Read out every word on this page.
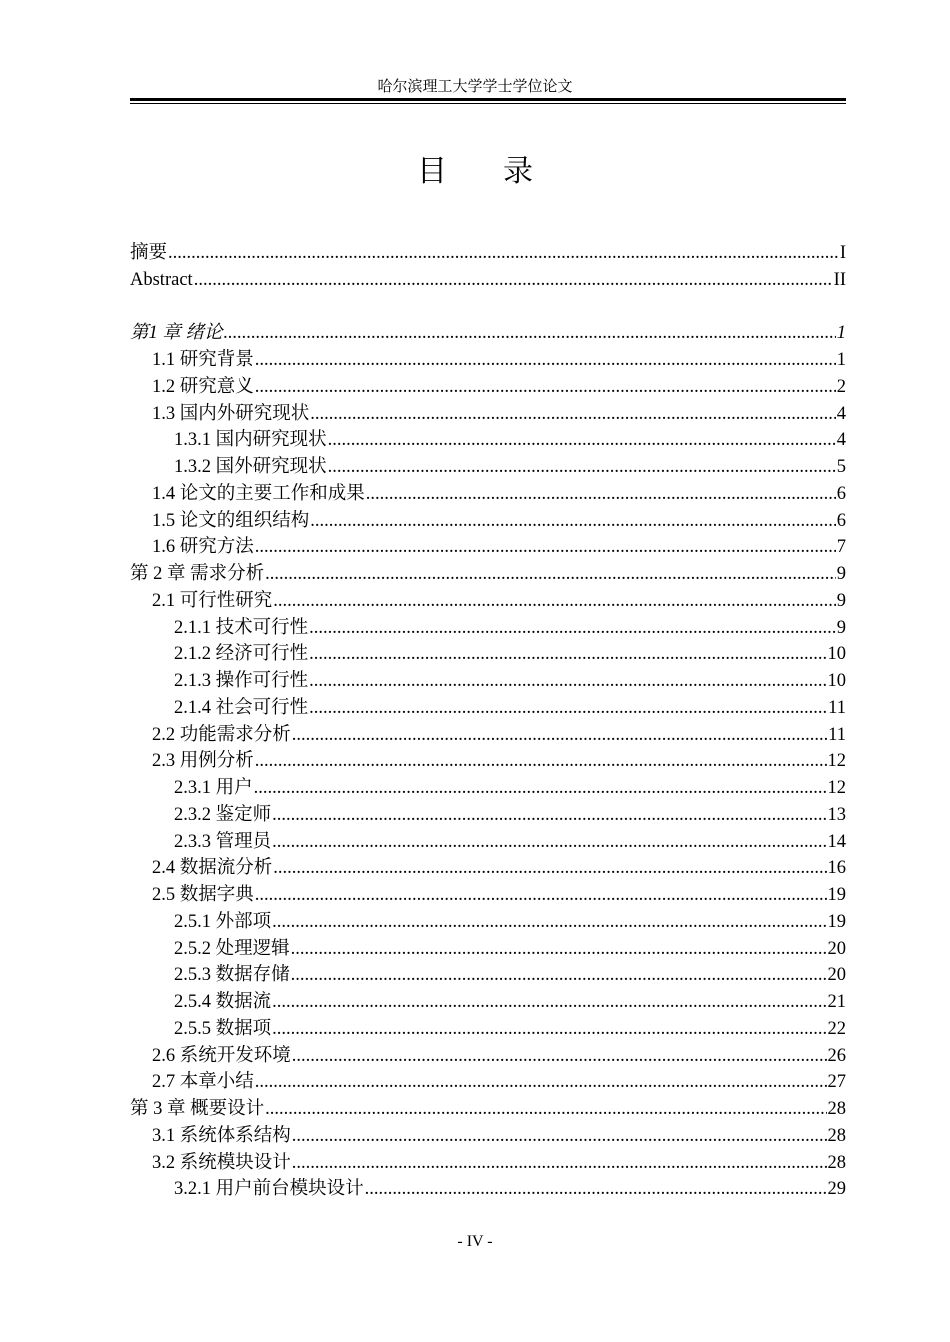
哈尔滨理工大学学士学位论文
目 录
摘要 .....	I
Abstract .....	II
第1 章 绪论 .....	1
1.1 研究背景 .....	1
1.2 研究意义 .....	2
1.3 国内外研究现状 .....	4
1.3.1 国内研究现状 .....	4
1.3.2 国外研究现状 .....	5
1.4 论文的主要工作和成果 .....	6
1.5 论文的组织结构 .....	6
1.6 研究方法 .....	7
第 2 章 需求分析 .....	9
2.1 可行性研究 .....	9
2.1.1 技术可行性 .....	9
2.1.2 经济可行性 .....	10
2.1.3 操作可行性 .....	10
2.1.4 社会可行性 .....	11
2.2 功能需求分析 .....	11
2.3 用例分析 .....	12
2.3.1 用户 .....	12
2.3.2 鉴定师 .....	13
2.3.3 管理员 .....	14
2.4 数据流分析 .....	16
2.5 数据字典 .....	19
2.5.1 外部项 .....	19
2.5.2 处理逻辑 .....	20
2.5.3 数据存储 .....	20
2.5.4 数据流 .....	21
2.5.5 数据项 .....	22
2.6 系统开发环境 .....	26
2.7 本章小结 .....	27
第 3 章 概要设计 .....	28
3.1 系统体系结构 .....	28
3.2 系统模块设计 .....	28
3.2.1 用户前台模块设计 .....	29
- IV -
